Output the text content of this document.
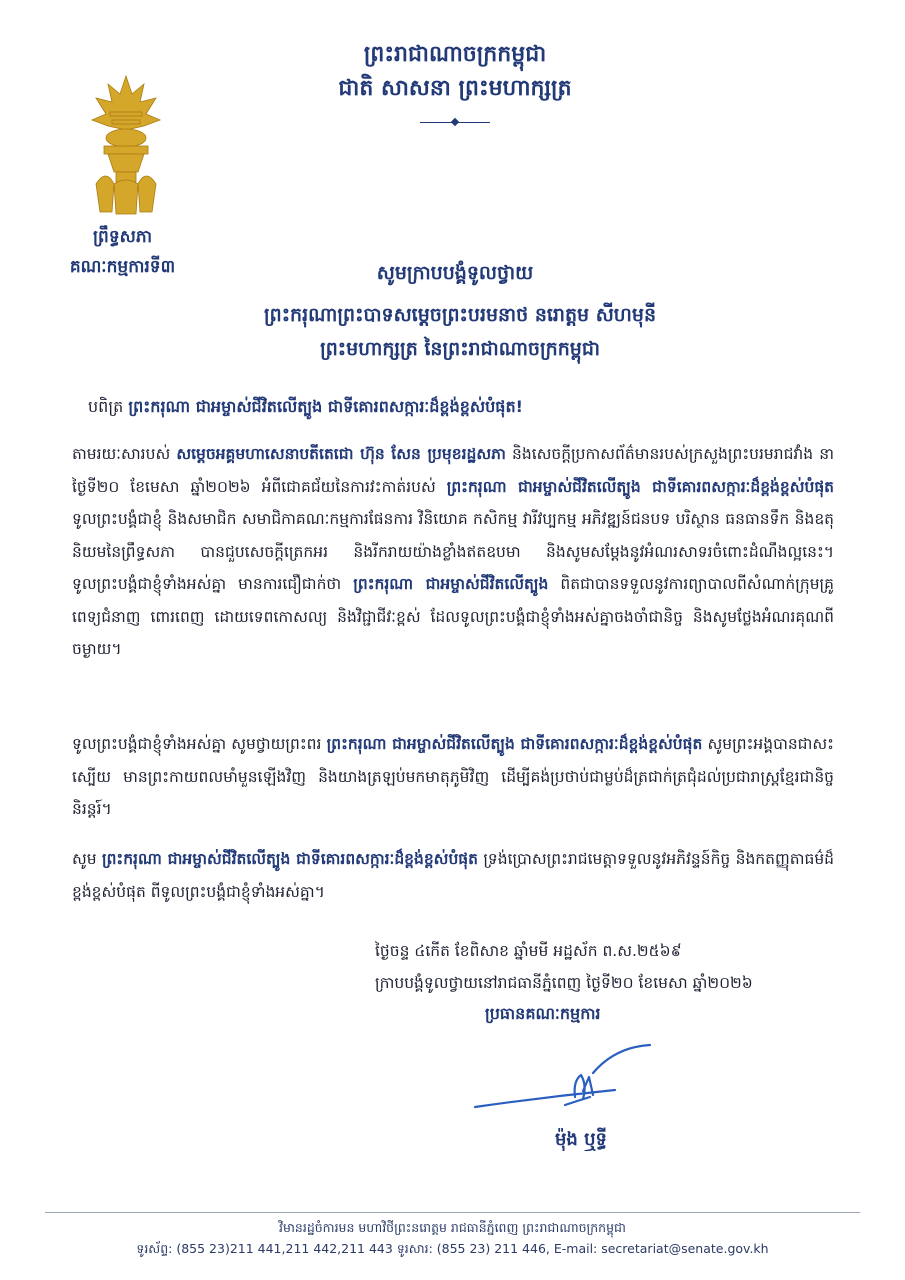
ព្រះរាជាណាចក្រកម្ពុជា
ជាតិ សាសនា ព្រះមហាក្សត្រ
ព្រឹទ្ធសភា
គណៈកម្មការទី៣	សូមក្រាបបង្គំទូលថ្វាយ
ព្រះករុណាព្រះបាទសម្តេចព្រះបរមនាថ នរោត្តម សីហមុនី
ព្រះមហាក្សត្រ នៃព្រះរាជាណាចក្រកម្ពុជា
បពិត្រ ព្រះករុណា ជាអម្ចាស់ជីវិតលើត្បូង ជាទីគោរពសក្ការៈដ៏ខ្ពង់ខ្ពស់បំផុត!

តាមរយៈសារបស់ សម្តេចអគ្គមហាសេនាបតីតេជោ ហ៊ុន សែន ប្រមុខរដ្ឋសភា និងសេចក្តីប្រកាសព័ត៌មានរបស់ក្រសួងព្រះបរមរាជវាំង នាថ្ងៃទី២០ ខែមេសា ឆ្នាំ២០២៦ អំពីជោគជ័យនៃការវះកាត់របស់ ព្រះករុណា ជាអម្ចាស់ជីវិតលើត្បូង ជាទីគោរពសក្ការៈដ៏ខ្ពង់ខ្ពស់បំផុត ទូលព្រះបង្គំជាខ្ញុំ និងសមាជិក សមាជិកាគណៈកម្មការផែនការ វិនិយោគ កសិកម្ម វារីវប្បកម្ម អភិវឌ្ឍន៍ជនបទ បរិស្ថាន ធនធានទឹក និងឧតុនិយមនៃព្រឹទ្ធសភា បានជួបសេចក្តីត្រេកអរ និងរីករាយយ៉ាងខ្លាំងឥតឧបមា និងសូមសម្តែងនូវអំណរសាទរចំពោះដំណឹងល្អនេះ។ ទូលព្រះបង្គំជាខ្ញុំទាំងអស់គ្នា មានការជឿជាក់ថា ព្រះករុណា ជាអម្ចាស់ជីវិតលើត្បូង ពិតជាបានទទួលនូវការព្យាបាលពីសំណាក់ក្រុមគ្រូពេទ្យជំនាញ ពោរពេញ ដោយទេពកោសល្យ និងវិជ្ជាជីវៈខ្ពស់ ដែលទូលព្រះបង្គំជាខ្ញុំទាំងអស់គ្នាចងចាំជានិច្ច និងសូមថ្លែងអំណរគុណពីចម្ងាយ។

ទូលព្រះបង្គំជាខ្ញុំទាំងអស់គ្នា សូមថ្វាយព្រះពរ ព្រះករុណា ជាអម្ចាស់ជីវិតលើត្បូង ជាទីគោរពសក្ការៈដ៏ខ្ពង់ខ្ពស់បំផុត សូមព្រះអង្គបានជាសះស្បើយ មានព្រះកាយពលមាំមួនឡើងវិញ និងយាងត្រឡប់មកមាតុភូមិវិញ ដើម្បីគង់ប្រថាប់ជាម្លប់ដ៏ត្រជាក់ត្រជុំដល់ប្រជារាស្ត្រខ្មែរជានិច្ចនិរន្តរ៍។

សូម ព្រះករុណា ជាអម្ចាស់ជីវិតលើត្បូង ជាទីគោរពសក្ការៈដ៏ខ្ពង់ខ្ពស់បំផុត ទ្រង់ប្រោសព្រះរាជមេត្តាទទួលនូវអភិវន្ទន៍កិច្ច និងកតញ្ញុតាធម៌ដ៏ខ្ពង់ខ្ពស់បំផុត ពីទូលព្រះបង្គំជាខ្ញុំទាំងអស់គ្នា។

ថ្ងៃចន្ទ ៤កើត ខែពិសាខ ឆ្នាំមមី អដ្ឋស័ក ព.ស.២៥៦៩
ក្រាបបង្គំទូលថ្វាយនៅរាជធានីភ្នំពេញ ថ្ងៃទី២០ ខែមេសា ឆ្នាំ២០២៦
ប្រធានគណៈកម្មការ
ម៉ុង ឬទ្ធី
វិមានរដ្ឋចំការមន មហាវិថីព្រះនរោត្តម រាជធានីភ្នំពេញ ព្រះរាជាណាចក្រកម្ពុជា
ទូរស័ព្ទ: (855 23)211 441,211 442,211 443 ទូរសារ: (855 23) 211 446, E-mail: secretariat@senate.gov.kh
